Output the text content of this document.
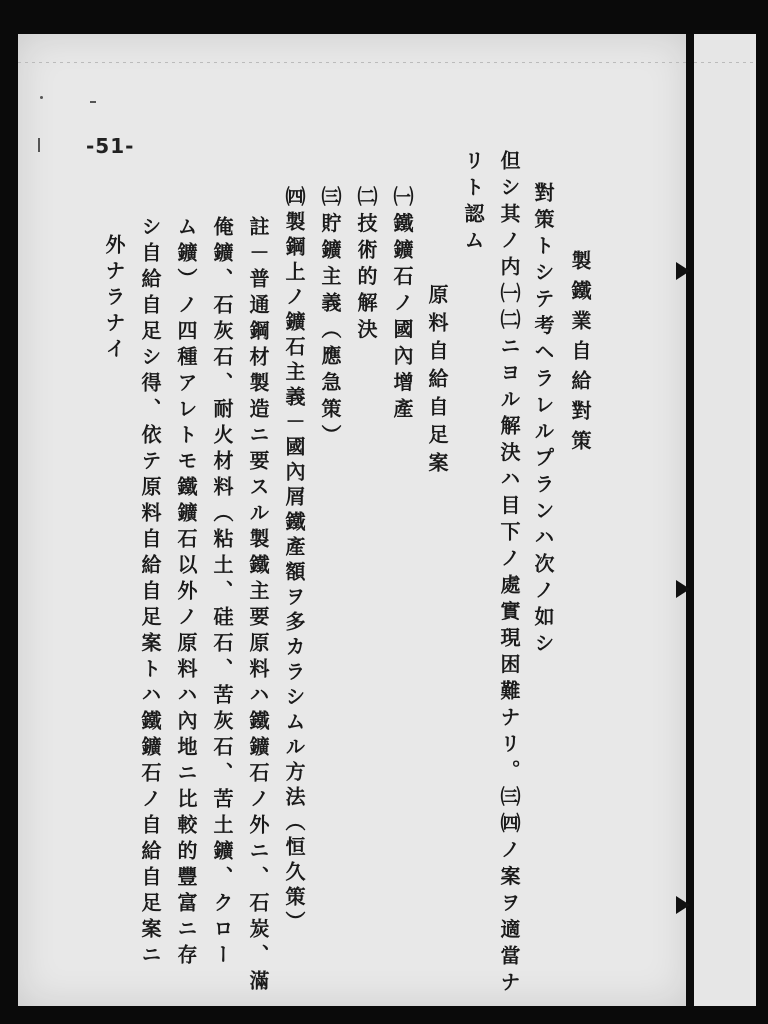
-51-
製鐵業自給對策
對策トシテ考ヘラレルプランハ次ノ如シ
但シ其ノ内㈠㈡ニヨル解決ハ目下ノ處實現困難ナリ。㈢㈣ノ案ヲ適當ナ
リト認ム
原料自給自足案
㈠鐵鑛石ノ國內增產
㈡技術的解決
㈢貯鑛主義（應急策）
㈣製鋼上ノ鑛石主義－國內屑鐵產額ヲ多カラシムル方法（恒久策）
註－普通鋼材製造ニ要スル製鐵主要原料ハ鐵鑛石ノ外ニ、石炭、滿
俺鑛、石灰石、耐火材料（粘土、硅石、苦灰石、苦土鑛、クロー
ム鑛）ノ四種アレトモ鐵鑛石以外ノ原料ハ內地ニ比較的豐富ニ存
シ自給自足シ得、依テ原料自給自足案トハ鐵鑛石ノ自給自足案ニ
外ナラナイ
